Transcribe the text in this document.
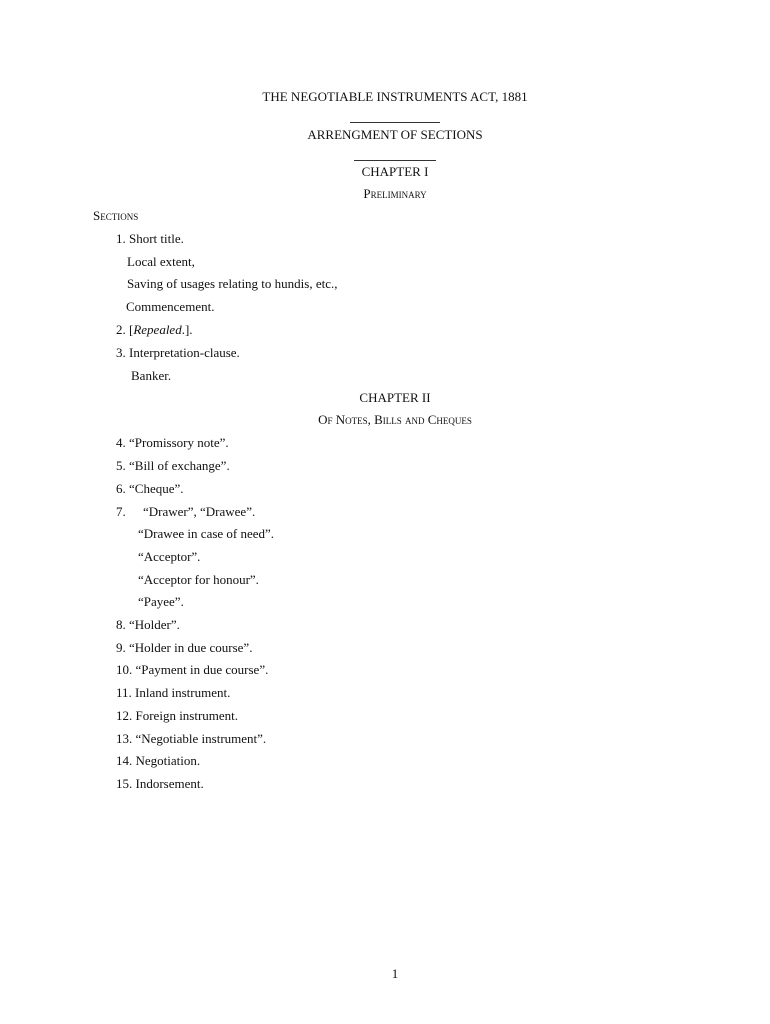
THE NEGOTIABLE INSTRUMENTS ACT, 1881
ARRENGMENT OF SECTIONS
CHAPTER I
Preliminary
Sections
1. Short title.
Local extent,
Saving of usages relating to hundis, etc.,
Commencement.
2. [Repealed.].
3. Interpretation-clause.
Banker.
CHAPTER II
Of Notes, Bills and Cheques
4. “Promissory note”.
5. “Bill of exchange”.
6. “Cheque”.
7. “Drawer”, “Drawee”.
“Drawee in case of need”.
“Acceptor”.
“Acceptor for honour”.
“Payee”.
8. “Holder”.
9. “Holder in due course”.
10. “Payment in due course”.
11. Inland instrument.
12. Foreign instrument.
13. “Negotiable instrument”.
14. Negotiation.
15. Indorsement.
1
